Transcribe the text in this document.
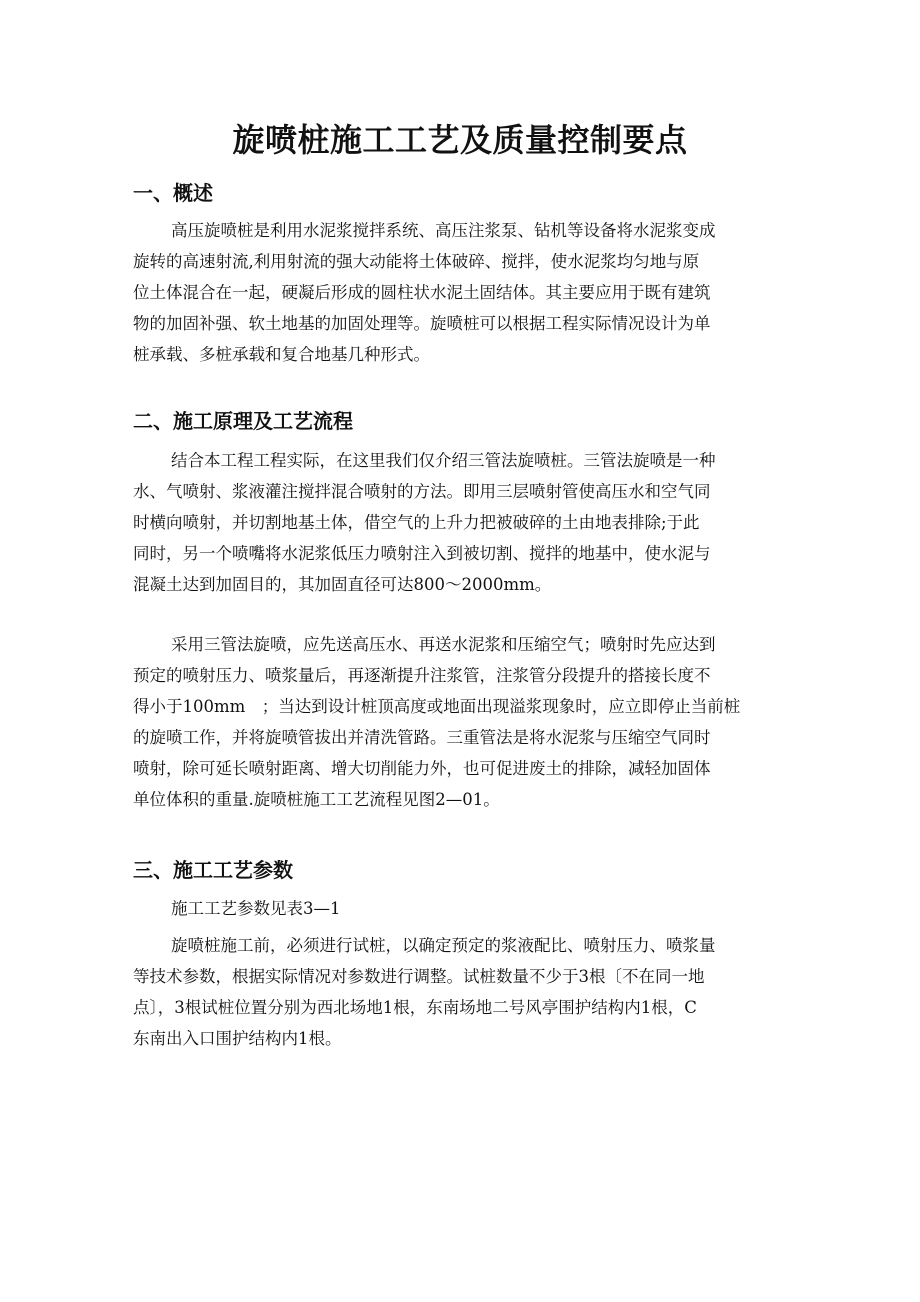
旋喷桩施工工艺及质量控制要点
一、概述
高压旋喷桩是利用水泥浆搅拌系统、高压注浆泵、钻机等设备将水泥浆变成
旋转的高速射流,利用射流的强大动能将土体破碎、搅拌，使水泥浆均匀地与原
位土体混合在一起，硬凝后形成的圆柱状水泥土固结体。其主要应用于既有建筑
物的加固补强、软土地基的加固处理等。旋喷桩可以根据工程实际情况设计为单
桩承载、多桩承载和复合地基几种形式。
二、施工原理及工艺流程
结合本工程工程实际，在这里我们仅介绍三管法旋喷桩。三管法旋喷是一种
水、气喷射、浆液灌注搅拌混合喷射的方法。即用三层喷射管使高压水和空气同
时横向喷射，并切割地基土体，借空气的上升力把被破碎的土由地表排除;于此
同时，另一个喷嘴将水泥浆低压力喷射注入到被切割、搅拌的地基中，使水泥与
混凝土达到加固目的，其加固直径可达800～2000mm。
采用三管法旋喷，应先送高压水、再送水泥浆和压缩空气；喷射时先应达到
预定的喷射压力、喷浆量后，再逐渐提升注浆管，注浆管分段提升的搭接长度不
得小于100mm　；当达到设计桩顶高度或地面出现溢浆现象时，应立即停止当前桩
的旋喷工作，并将旋喷管拔出并清洗管路。三重管法是将水泥浆与压缩空气同时
喷射，除可延长喷射距离、增大切削能力外，也可促进废土的排除，减轻加固体
单位体积的重量.旋喷桩施工工艺流程见图2—01。
三、施工工艺参数
施工工艺参数见表3—1
旋喷桩施工前，必须进行试桩，以确定预定的浆液配比、喷射压力、喷浆量
等技术参数，根据实际情况对参数进行调整。试桩数量不少于3根〔不在同一地
点〕，3根试桩位置分别为西北场地1根，东南场地二号风亭围护结构内1根，C
东南出入口围护结构内1根。
